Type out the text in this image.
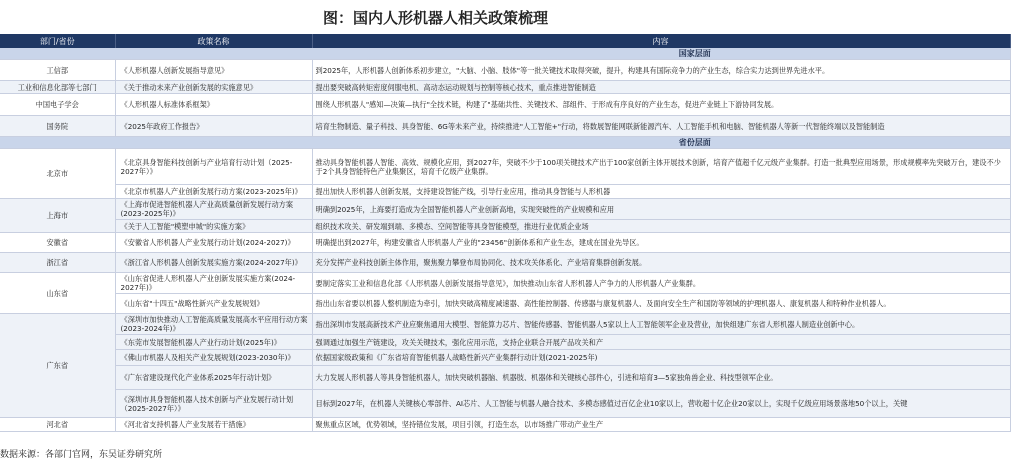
图：国内人形机器人相关政策梳理
部门/省份	政策名称	内容
国家层面		
工信部	《人形机器人创新发展指导意见》	到2025年，人形机器人创新体系初步建立，"大脑、小脑、肢体"等一批关键技术取得突破，提升，构建具有国际竞争力的产业生态，综合实力达到世界先进水平。
工业和信息化部等七部门	《关于推动未来产业创新发展的实施意见》	提出要突破高转矩密度伺服电机、高动态运动规划与控制等核心技术，重点推进智能制造
中国电子学会	《人形机器人标准体系框架》	围绕人形机器人"感知—决策—执行"全技术链，构建了"基础共性、关键技术、部组件、于形成有序良好的产业生态，促进产业链上下游协同发展。
国务院	《2025年政府工作报告》	培育生物制造、量子科技、具身智能、6G等未来产业，持续推进"人工智能+"行动，将数展智能网联新能源汽车、人工智能手机和电脑、智能机器人等新一代智能终端以及智能制造
省份层面		
北京市	《北京具身智能科技创新与产业培育行动计划（2025-2027年）》	推动具身智能机器人智能、高效、规模化应用，到2027年，突破不少于100项关键技术产出于100家创新主体开展技术创新，培育产值超千亿元级产业集群。打造一批典型应用场景，形成规模率先突破万台，建设不少于2个具身智能特色产业集聚区，培育千亿级产业集群。
	《北京市机器人产业创新发展行动方案(2023-2025年)》	提出加快人形机器人创新发展，支持建设智能产线，引导行业应用，推动具身智能与人形机器
上海市	《上海市促进智能机器人产业高质量创新发展行动方案(2023-2025年)》	明确到2025年，上海要打造成为全国智能机器人产业创新高地，实现突破性的产业规模和应用
	《关于人工智能"模塑申城"的实施方案》	组织技术攻关、研发端到端、多模态、空间智能等具身智能模型，推进行业优质企业场
安徽省	《安徽省人形机器人产业发展行动计划(2024-2027)》	明确提出到2027年，构建安徽省人形机器人产业的"23456"创新体系和产业生态，建成在国业先导区。
浙江省	《浙江省人形机器人创新发展实施方案(2024-2027年)》	充分发挥产业科技创新主体作用，聚焦聚力攀登布局协同化、技术攻关体系化、产业培育集群创新发展。
山东省	《山东省促进人形机器人产业创新发展实施方案(2024-2027年)》	要制定落实工业和信息化部《人形机器人创新发展指导意见》，加快推动山东省人形机器人产争力的人形机器人产业集群。
	《山东省"十四五"战略性新兴产业发展规划》	指出山东省要以机器人整机制造为牵引，加快突破高精度减速器、高性能控制器、传感器与康复机器人、及面向安全生产和国防等领域的护理机器人、康复机器人和特种作业机器人。
广东省	《深圳市加快推动人工智能高质量发展高水平应用行动方案(2023-2024年)》	指出深圳市发展高新技术产业应聚焦通用大模型、智能算力芯片、智能传感器、智能机器人5家以上人工智能领军企业及营业，加快组建广东省人形机器人制造业创新中心。
	《东莞市发展智能机器人产业行动计划(2025年)》	强调通过加强生产链建设，攻关关键技术，强化应用示范，支持企业联合开展产品攻关和产
	《佛山市机器人及相关产业发展规划(2023-2030年)》	依据国家级政策和《广东省培育智能机器人战略性新兴产业集群行动计划(2021-2025年)
	《广东省建设现代化产业体系2025年行动计划》	大力发展人形机器人等具身智能机器人，加快突破机器脑、机器肢、机器体和关键核心部件心，引进和培育3—5家独角兽企业、科技型领军企业。
	《深圳市具身智能机器人技术创新与产业发展行动计划（2025-2027年）》	目标到2027年，在机器人关键核心零部件、AI芯片、人工智能与机器人融合技术、多模态感值过百亿企业10家以上，营收超十亿企业20家以上，实现千亿级应用场景落地50个以上，关键
河北省	《河北省支持机器人产业发展若干措施》	聚焦重点区域，优势领域，坚持错位发展，项目引领，打造生态，以市场推广带动产业生产
数据来源：各部门官网，东吴证券研究所
